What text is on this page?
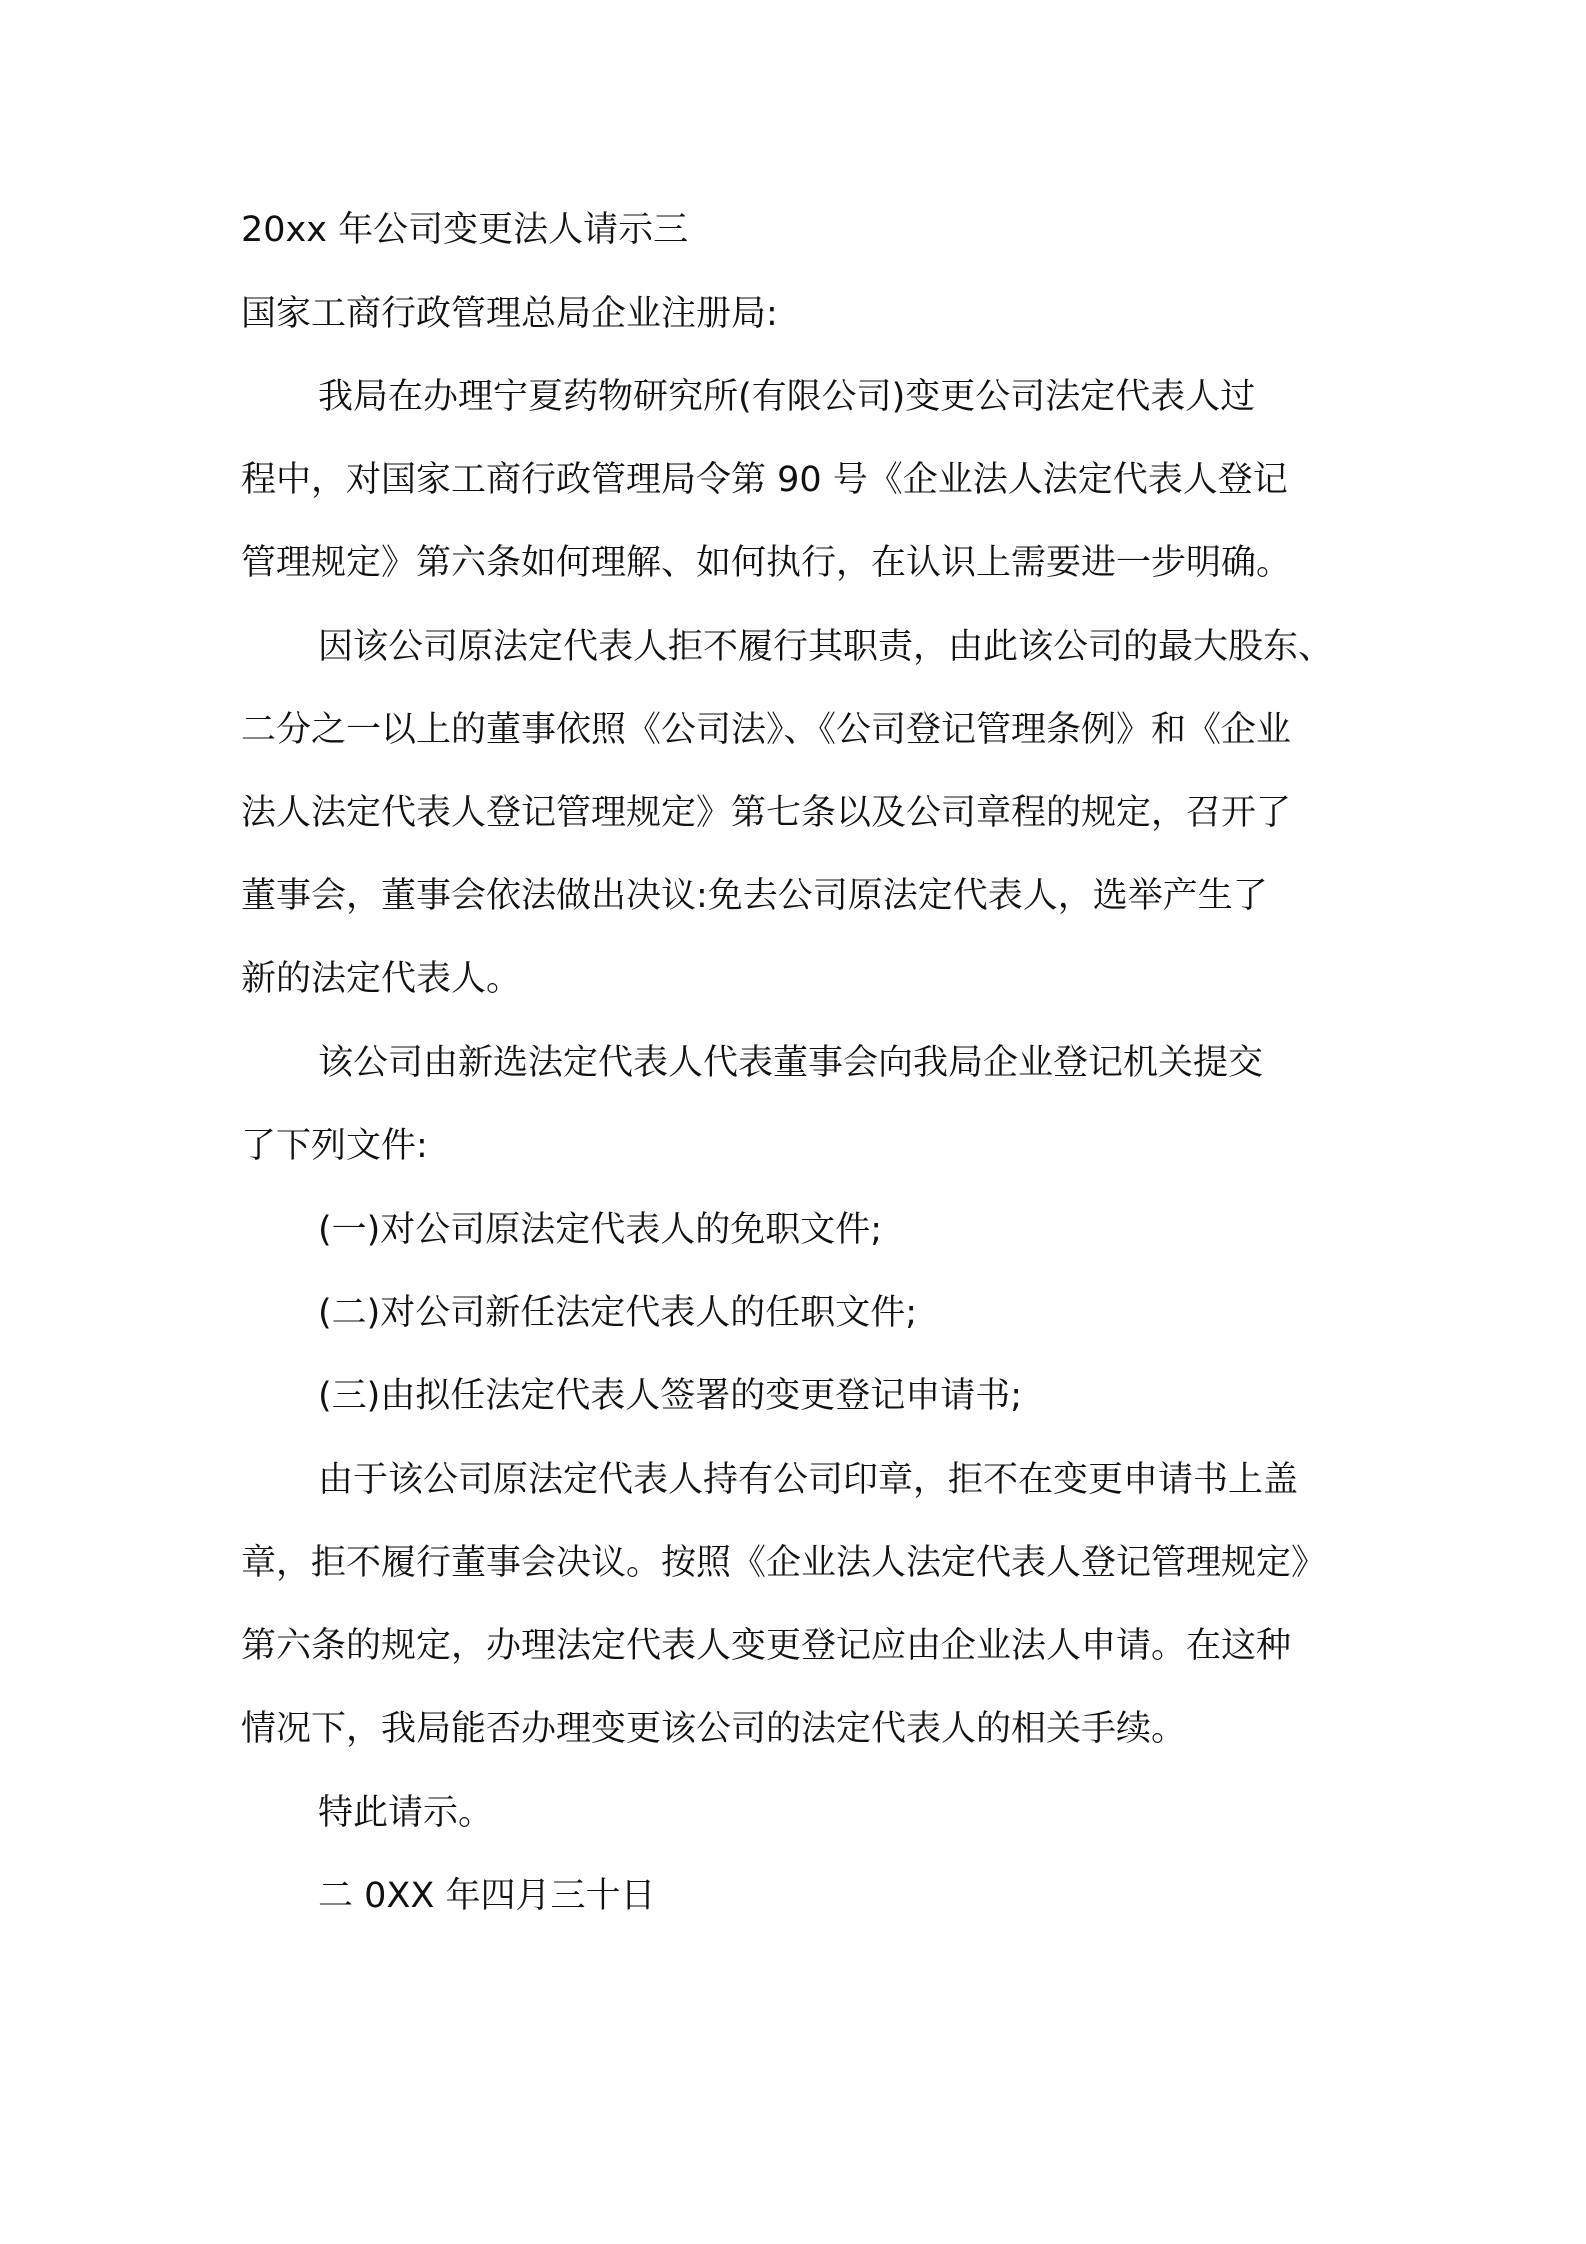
20xx 年公司变更法人请示三
国家工商行政管理总局企业注册局:
我局在办理宁夏药物研究所(有限公司)变更公司法定代表人过
程中，对国家工商行政管理局令第 90 号《企业法人法定代表人登记
管理规定》第六条如何理解、如何执行，在认识上需要进一步明确。
因该公司原法定代表人拒不履行其职责，由此该公司的最大股东、
二分之一以上的董事依照《公司法》、《公司登记管理条例》和《企业
法人法定代表人登记管理规定》第七条以及公司章程的规定，召开了
董事会，董事会依法做出决议:免去公司原法定代表人，选举产生了
新的法定代表人。
该公司由新选法定代表人代表董事会向我局企业登记机关提交
了下列文件:
(一)对公司原法定代表人的免职文件;
(二)对公司新任法定代表人的任职文件;
(三)由拟任法定代表人签署的变更登记申请书;
由于该公司原法定代表人持有公司印章，拒不在变更申请书上盖
章，拒不履行董事会决议。按照《企业法人法定代表人登记管理规定》
第六条的规定，办理法定代表人变更登记应由企业法人申请。在这种
情况下，我局能否办理变更该公司的法定代表人的相关手续。
特此请示。
二 0XX 年四月三十日
